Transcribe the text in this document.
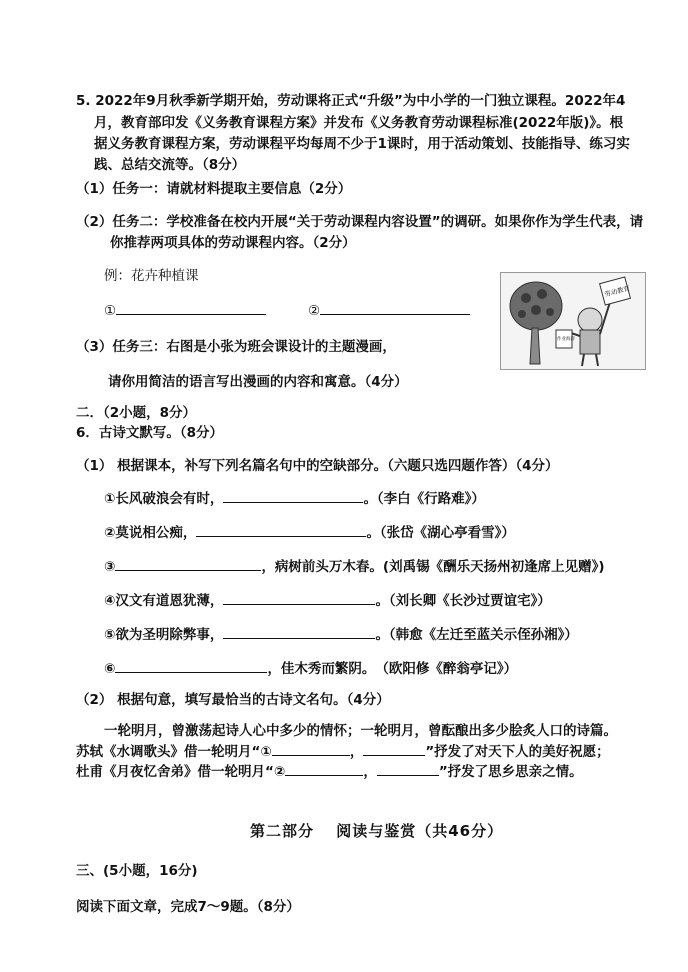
5. 2022年9月秋季新学期开始，劳动课将正式“升级”为中小学的一门独立课程。2022年4
月，教育部印发《义务教育课程方案》并发布《义务教育劳动课程标准(2022年版)》。根
据义务教育课程方案，劳动课程平均每周不少于1课时，用于活动策划、技能指导、练习实
践、总结交流等。（8分）
（1）任务一：请就材料提取主要信息（2分）
（2）任务二：学校准备在校内开展“关于劳动课程内容设置”的调研。如果你作为学生代表，请
你推荐两项具体的劳动课程内容。（2分）
例：花卉种植课
①	②
（3）任务三：右图是小张为班会课设计的主题漫画，
请你用简洁的语言写出漫画的内容和寓意。（4分）
劳动教育
作业海洋
二．（2小题，8分）
6．古诗文默写。（8分）
（1） 根据课本，补写下列名篇名句中的空缺部分。（六题只选四题作答）（4分）
①长风破浪会有时，	。（李白《行路难》）
②莫说相公痴，	。（张岱《湖心亭看雪》）
③	，病树前头万木春。(刘禹锡《酬乐天扬州初逢席上见赠》)
④汉文有道恩犹薄，	。（刘长卿《长沙过贾谊宅》）
⑤欲为圣明除弊事，	。（韩愈《左迁至蓝关示侄孙湘》）
⑥	，佳木秀而繁阴。　（欧阳修《醉翁亭记》）
（2） 根据句意，填写最恰当的古诗文名句。（4分）
一轮明月，曾激荡起诗人心中多少的情怀；一轮明月，曾酝酿出多少脍炙人口的诗篇。
苏轼《水调歌头》借一轮明月“①	，	”抒发了对天下人的美好祝愿；
杜甫《月夜忆舍弟》借一轮明月“②	，	”抒发了思乡思亲之情。
第二部分　 阅读与鉴赏（共46分）
三、(5小题，16分)
阅读下面文章，完成7～9题。（8分）
